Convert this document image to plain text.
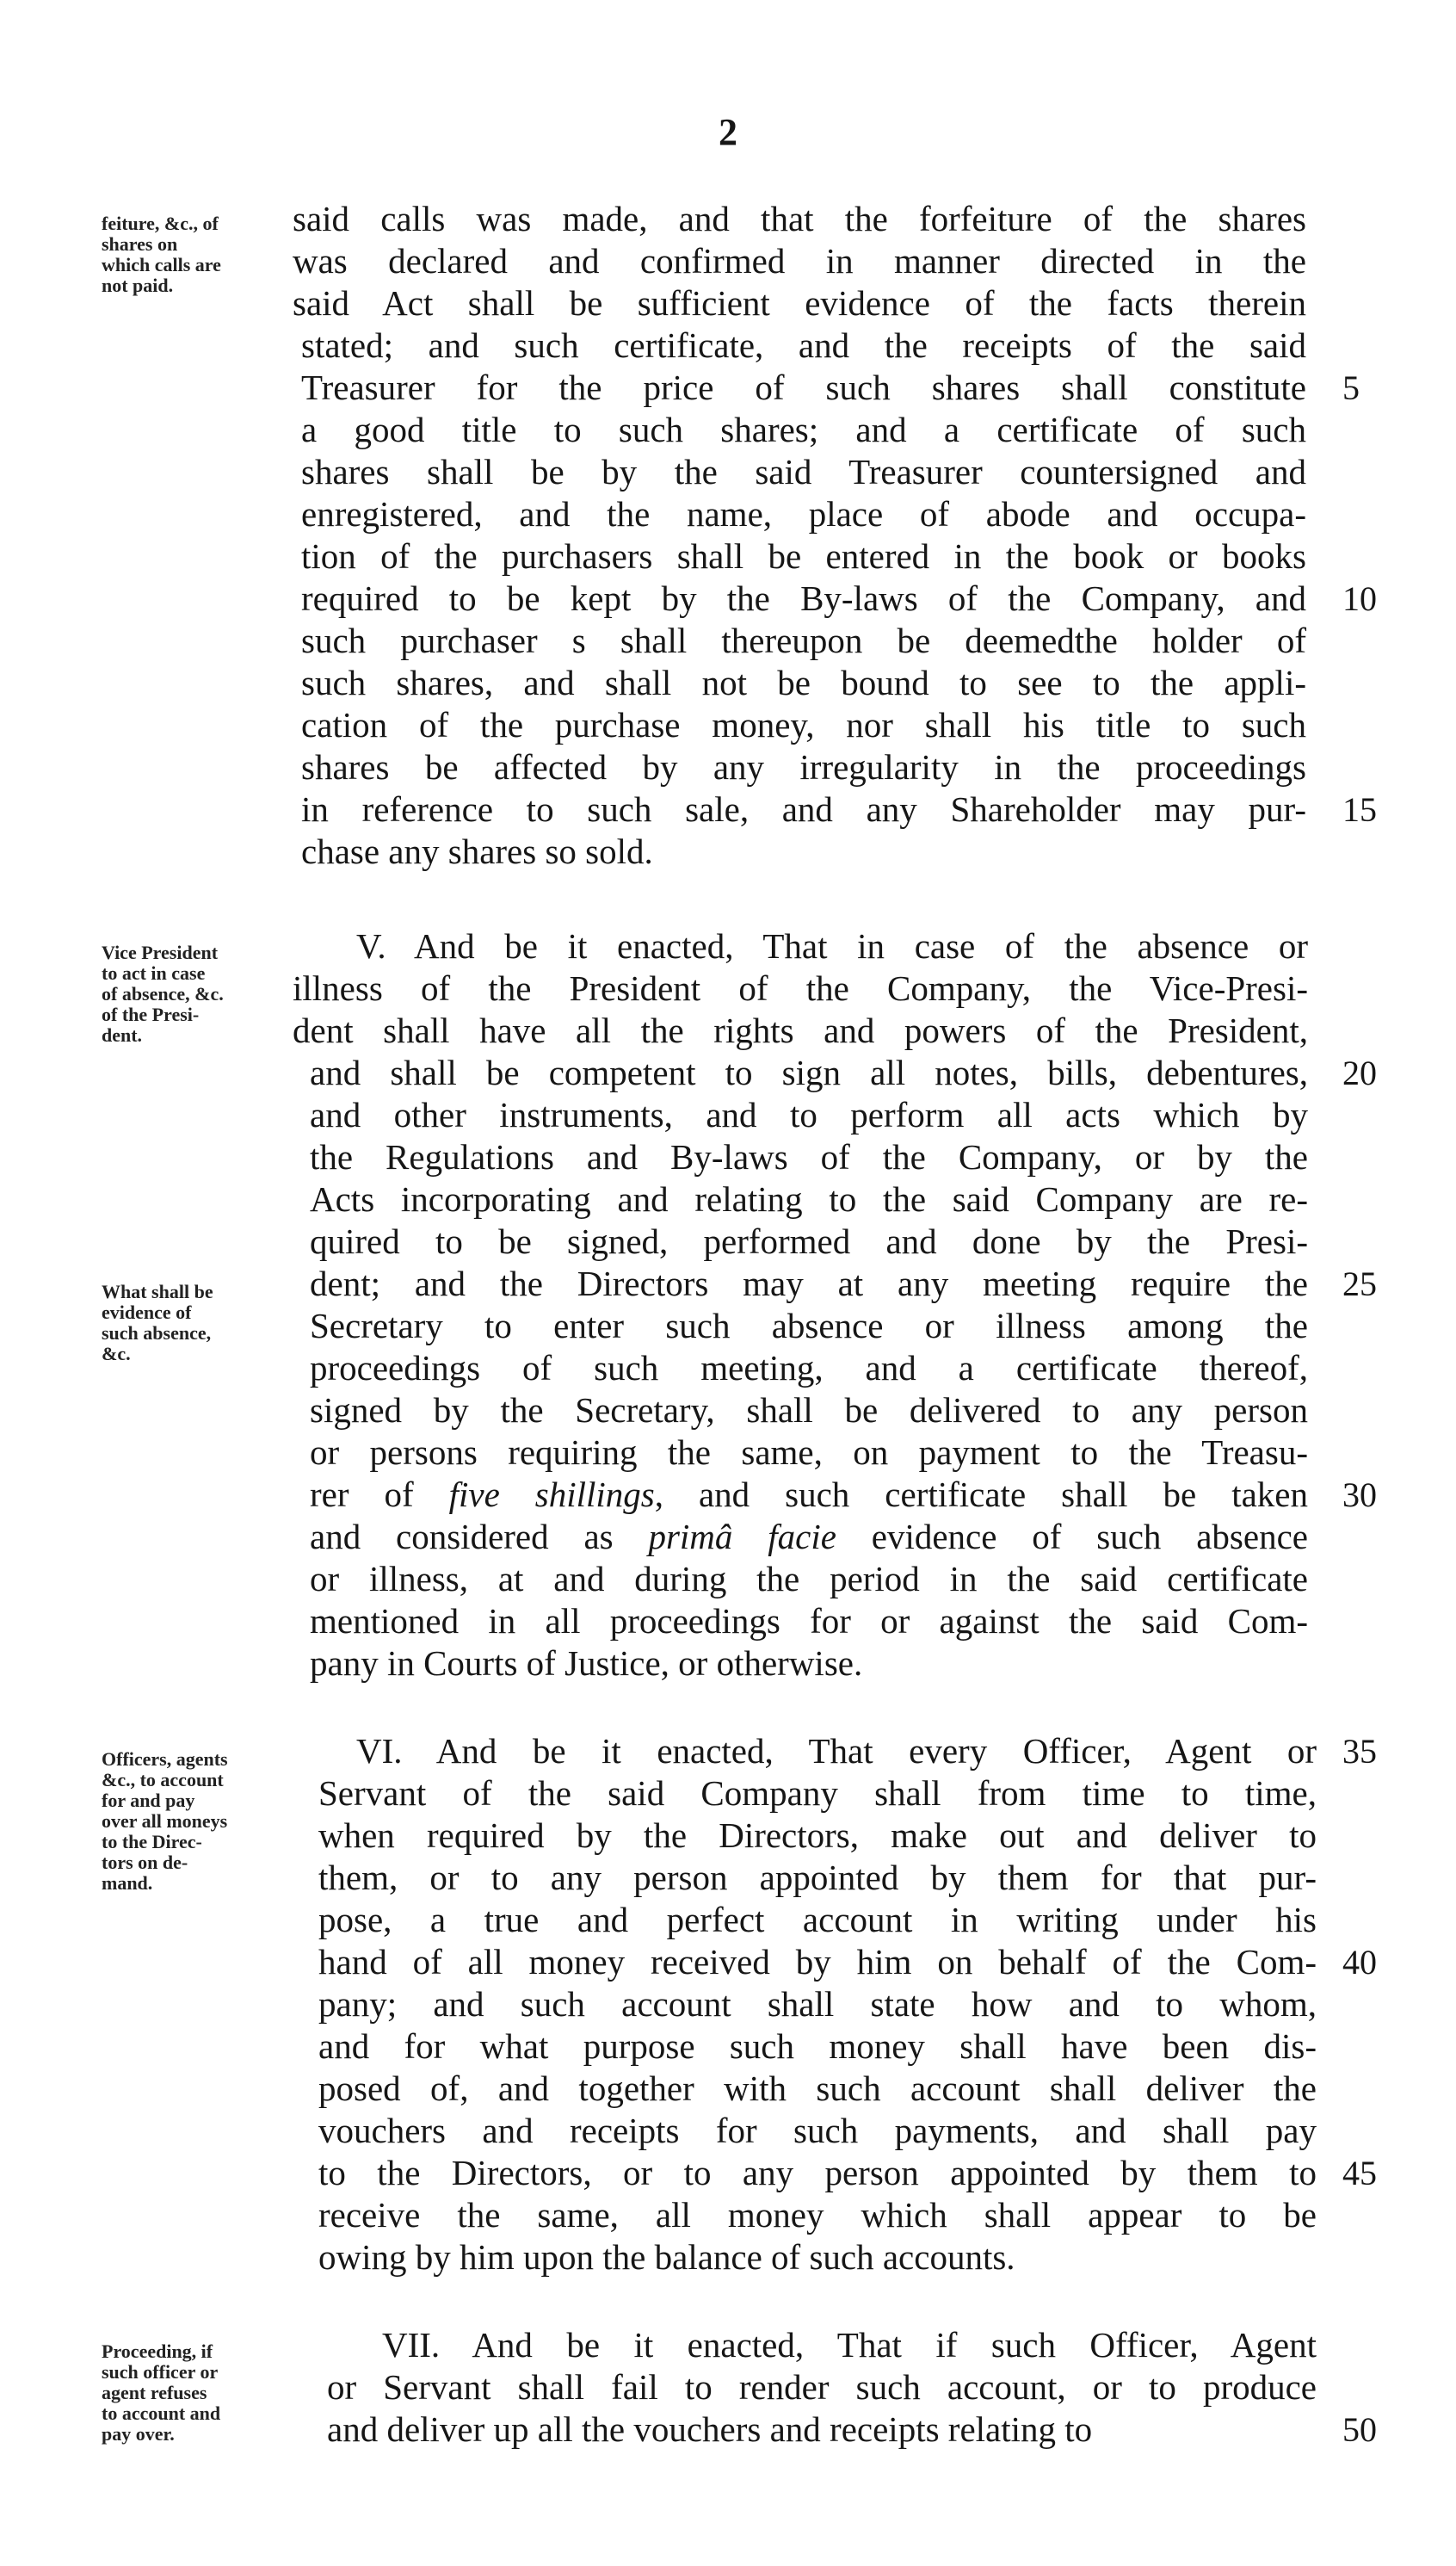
2
feiture, &c., of
shares on
which calls are
not paid.
said calls was made, and that the forfeiture of the shares
was declared and confirmed in manner directed in the
said Act shall be sufficient evidence of the facts therein
stated; and such certificate, and the receipts of the said
Treasurer for the price of such shares shall constitute 5
a good title to such shares; and a certificate of such
shares shall be by the said Treasurer countersigned and
enregistered, and the name, place of abode and occupa-
tion of the purchasers shall be entered in the book or books
required to be kept by the By-laws of the Company, and 10
such purchaser s shall thereupon be deemedthe holder of
such shares, and shall not be bound to see to the appli-
cation of the purchase money, nor shall his title to such
shares be affected by any irregularity in the proceedings
in reference to such sale, and any Shareholder may pur- 15
chase any shares so sold.
Vice President
to act in case
of absence, &c.
of the Presi-
dent.
What shall be
evidence of
such absence,
&c.
V. And be it enacted, That in case of the absence or
illness of the President of the Company, the Vice-Presi-
dent shall have all the rights and powers of the President,
and shall be competent to sign all notes, bills, debentures, 20
and other instruments, and to perform all acts which by
the Regulations and By-laws of the Company, or by the
Acts incorporating and relating to the said Company are re-
quired to be signed, performed and done by the Presi-
dent; and the Directors may at any meeting require the 25
Secretary to enter such absence or illness among the
proceedings of such meeting, and a certificate thereof,
signed by the Secretary, shall be delivered to any person
or persons requiring the same, on payment to the Treasu-
rer of five shillings, and such certificate shall be taken 30
and considered as primâ facie evidence of such absence
or illness, at and during the period in the said certificate
mentioned in all proceedings for or against the said Com-
pany in Courts of Justice, or otherwise.
Officers, agents
&c., to account
for and pay
over all moneys
to the Direc-
tors on de-
mand.
VI. And be it enacted, That every Officer, Agent or 35
Servant of the said Company shall from time to time,
when required by the Directors, make out and deliver to
them, or to any person appointed by them for that pur-
pose, a true and perfect account in writing under his
hand of all money received by him on behalf of the Com- 40
pany; and such account shall state how and to whom,
and for what purpose such money shall have been dis-
posed of, and together with such account shall deliver the
vouchers and receipts for such payments, and shall pay
to the Directors, or to any person appointed by them to 45
receive the same, all money which shall appear to be
owing by him upon the balance of such accounts.
Proceeding, if
such officer or
agent refuses
to account and
pay over.
VII. And be it enacted, That if such Officer, Agent
or Servant shall fail to render such account, or to produce
and deliver up all the vouchers and receipts relating to	50
